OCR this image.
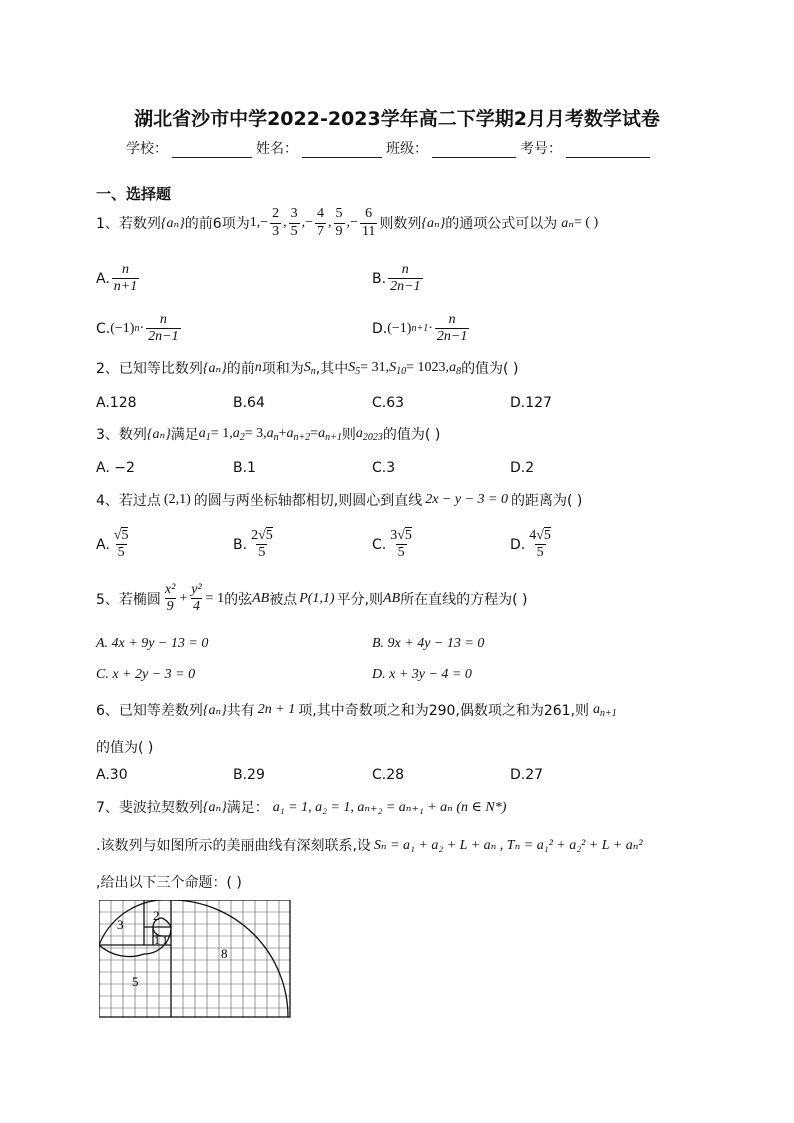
湖北省沙市中学2022-2023学年高二下学期2月月考数学试卷
学校：	姓名：	班级：	考号：
一、选择题
1、 若数列 {aₙ} 的前6项为 1, − $\frac{2}{3}$ , $\frac{3}{5}$ ,− $\frac{4}{7}$ , $\frac{5}{9}$ ,− $\frac{6}{11}$ 则数列 {aₙ} 的通项公式可以为 aₙ = ( )
A. $\frac{n}{n+1}$	B. $\frac{n}{2n-1}$
C. (−1) $n \cdot \frac{n}{2n-1}$	D. (−1) $n+1 \cdot \frac{n}{2n-1}$
2、 已知等比数列 {aₙ} 的前 n 项和为 $S_n$ ,其中 $S_5 = 31$, $S_{10} = 1023$, $a_8$ 的值为( )
A.128	B.64	C.63	D.127
3、 数列 {aₙ} 满足 $a_1 = 1$, $a_2 = 3$, $a_n + a_{n+2} = a_{n+1}$ 则 $a_{2023}$ 的值为( )
A. −2	B.1	C.3	D.2
4、 若过点 (2,1) 的圆与两坐标轴都相切,则圆心到直线 2x − y − 3 = 0 的距离为( )
A. $\frac{√5}{5}$	B. $\frac{2√5}{5}$	C. $\frac{3√5}{5}$	D. $\frac{4√5}{5}$
5、 若椭圆 $\frac{\text{x²}}{9} + \frac{\text{y²}}{4} = 1$ 的弦 AB 被点 P(1,1) 平分,则 AB 所在直线的方程为( )
A. 4x + 9y − 13 = 0	B. 9x + 4y − 13 = 0
C. x + 2y − 3 = 0	D. x + 3y − 4 = 0
6、 已知等差数列 {aₙ} 共有 2n + 1 项,其中奇数项之和为290,偶数项之和为261,则 $a_{n+1}$
的值为( )
A.30	B.29	C.28	D.27
7、 斐波拉契数列 {aₙ} 满足： a₁ = 1, a₂ = 1, aₙ₊₂ = aₙ₊₁ + aₙ (n ∈ N*)
.该数列与如图所示的美丽曲线有深刻联系,设 Sₙ = a₁ + a₂ + L + aₙ , Tₙ = a₁² + a₂² + L + aₙ²
,给出以下三个命题：( )
3
2
1 1
8
5
